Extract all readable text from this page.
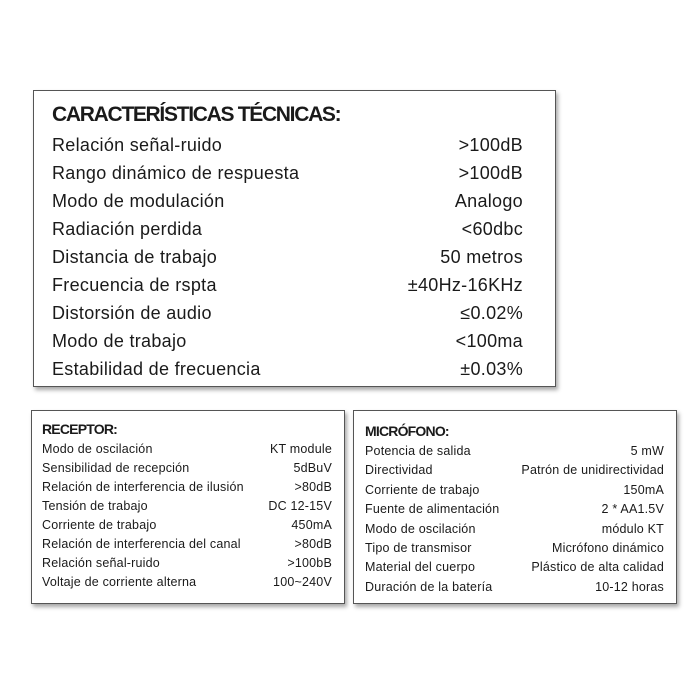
CARACTERÍSTICAS TÉCNICAS:
Relación señal-ruido	>100dB
Rango dinámico de respuesta	>100dB
Modo de modulación	Analogo
Radiación perdida	<60dbc
Distancia de trabajo	50 metros
Frecuencia de rspta	±40Hz-16KHz
Distorsión de audio	≤0.02%
Modo de trabajo	<100ma
Estabilidad de frecuencia	±0.03%
RECEPTOR:
Modo de oscilación	KT module
Sensibilidad de recepción	5dBuV
Relación de interferencia de ilusión	>80dB
Tensión de trabajo	DC 12-15V
Corriente de trabajo	450mA
Relación de interferencia del canal	>80dB
Relación señal-ruido	>100bB
Voltaje de corriente alterna	100~240V
MICRÓFONO:
Potencia de salida	5 mW
Directividad	Patrón de unidirectividad
Corriente de trabajo	150mA
Fuente de alimentación	2 * AA1.5V
Modo de oscilación	módulo KT
Tipo de transmisor	Micrófono dinámico
Material del cuerpo	Plástico de alta calidad
Duración de la batería	10-12 horas
